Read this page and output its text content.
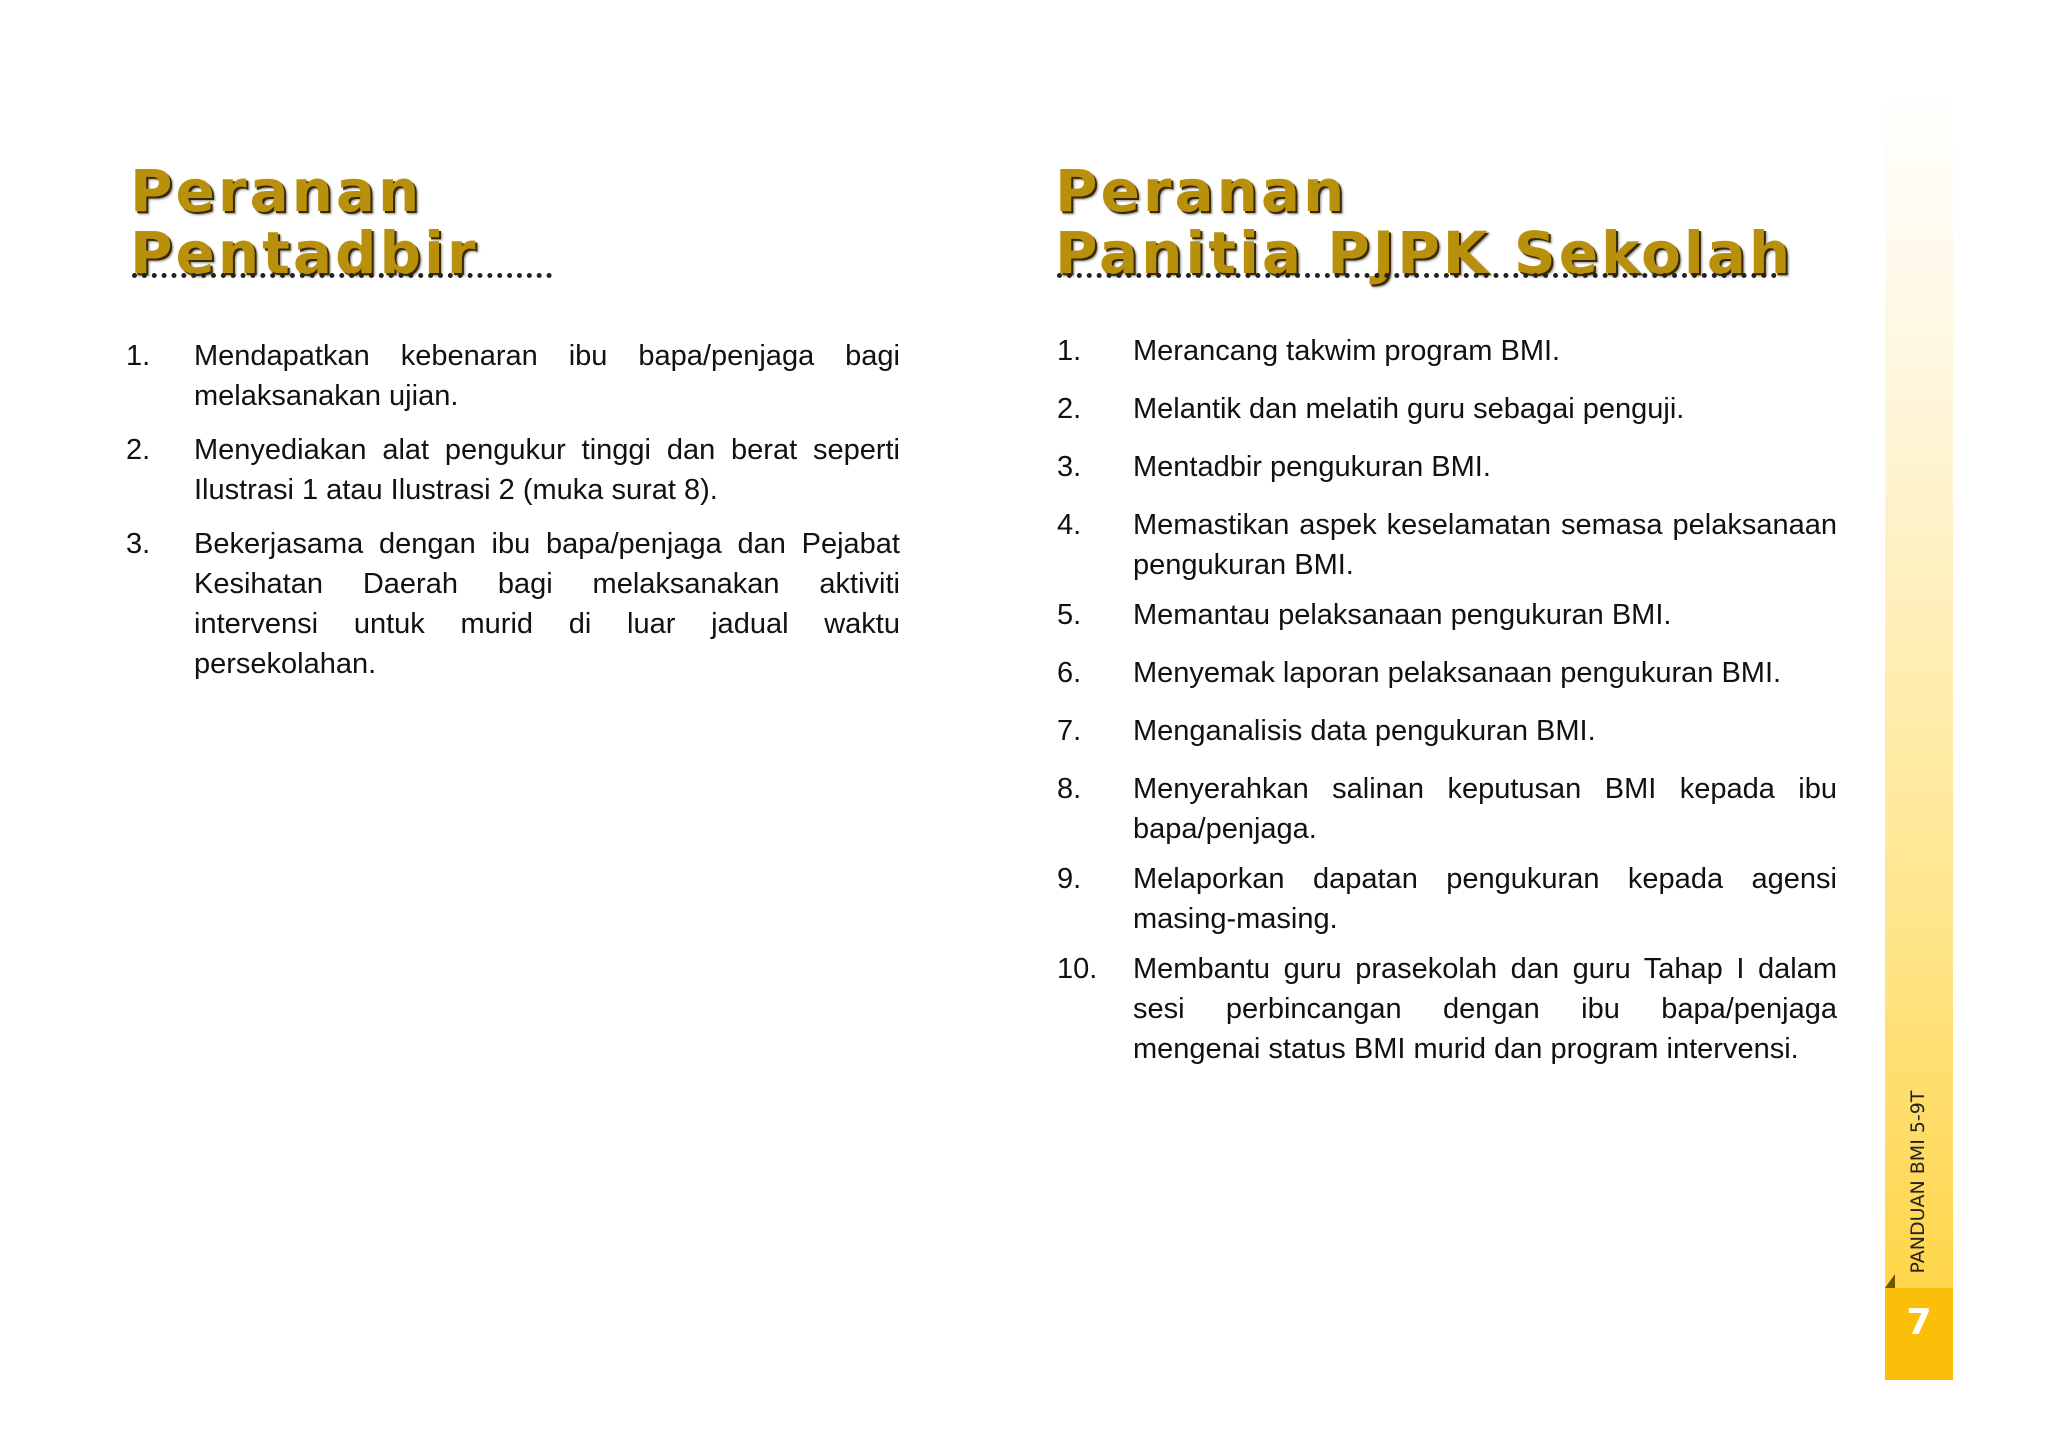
Peranan
Pentadbir
Peranan
Panitia PJPK Sekolah
1. Mendapatkan kebenaran ibu bapa/penjaga bagi melaksanakan ujian.
2. Menyediakan alat pengukur tinggi dan berat seperti Ilustrasi 1 atau Ilustrasi 2 (muka surat 8).
3. Bekerjasama dengan ibu bapa/penjaga dan Pejabat Kesihatan Daerah bagi melaksanakan aktiviti intervensi untuk murid di luar jadual waktu persekolahan.
1. Merancang takwim program BMI.
2. Melantik dan melatih guru sebagai penguji.
3. Mentadbir pengukuran BMI.
4. Memastikan aspek keselamatan semasa pelaksanaan pengukuran BMI.
5. Memantau pelaksanaan pengukuran BMI.
6. Menyemak laporan pelaksanaan pengukuran BMI.
7. Menganalisis data pengukuran BMI.
8. Menyerahkan salinan keputusan BMI kepada ibu bapa/penjaga.
9. Melaporkan dapatan pengukuran kepada agensi masing-masing.
10. Membantu guru prasekolah dan guru Tahap I dalam sesi perbincangan dengan ibu bapa/penjaga mengenai status BMI murid dan program intervensi.
PANDUAN BMI 5-9T
7
